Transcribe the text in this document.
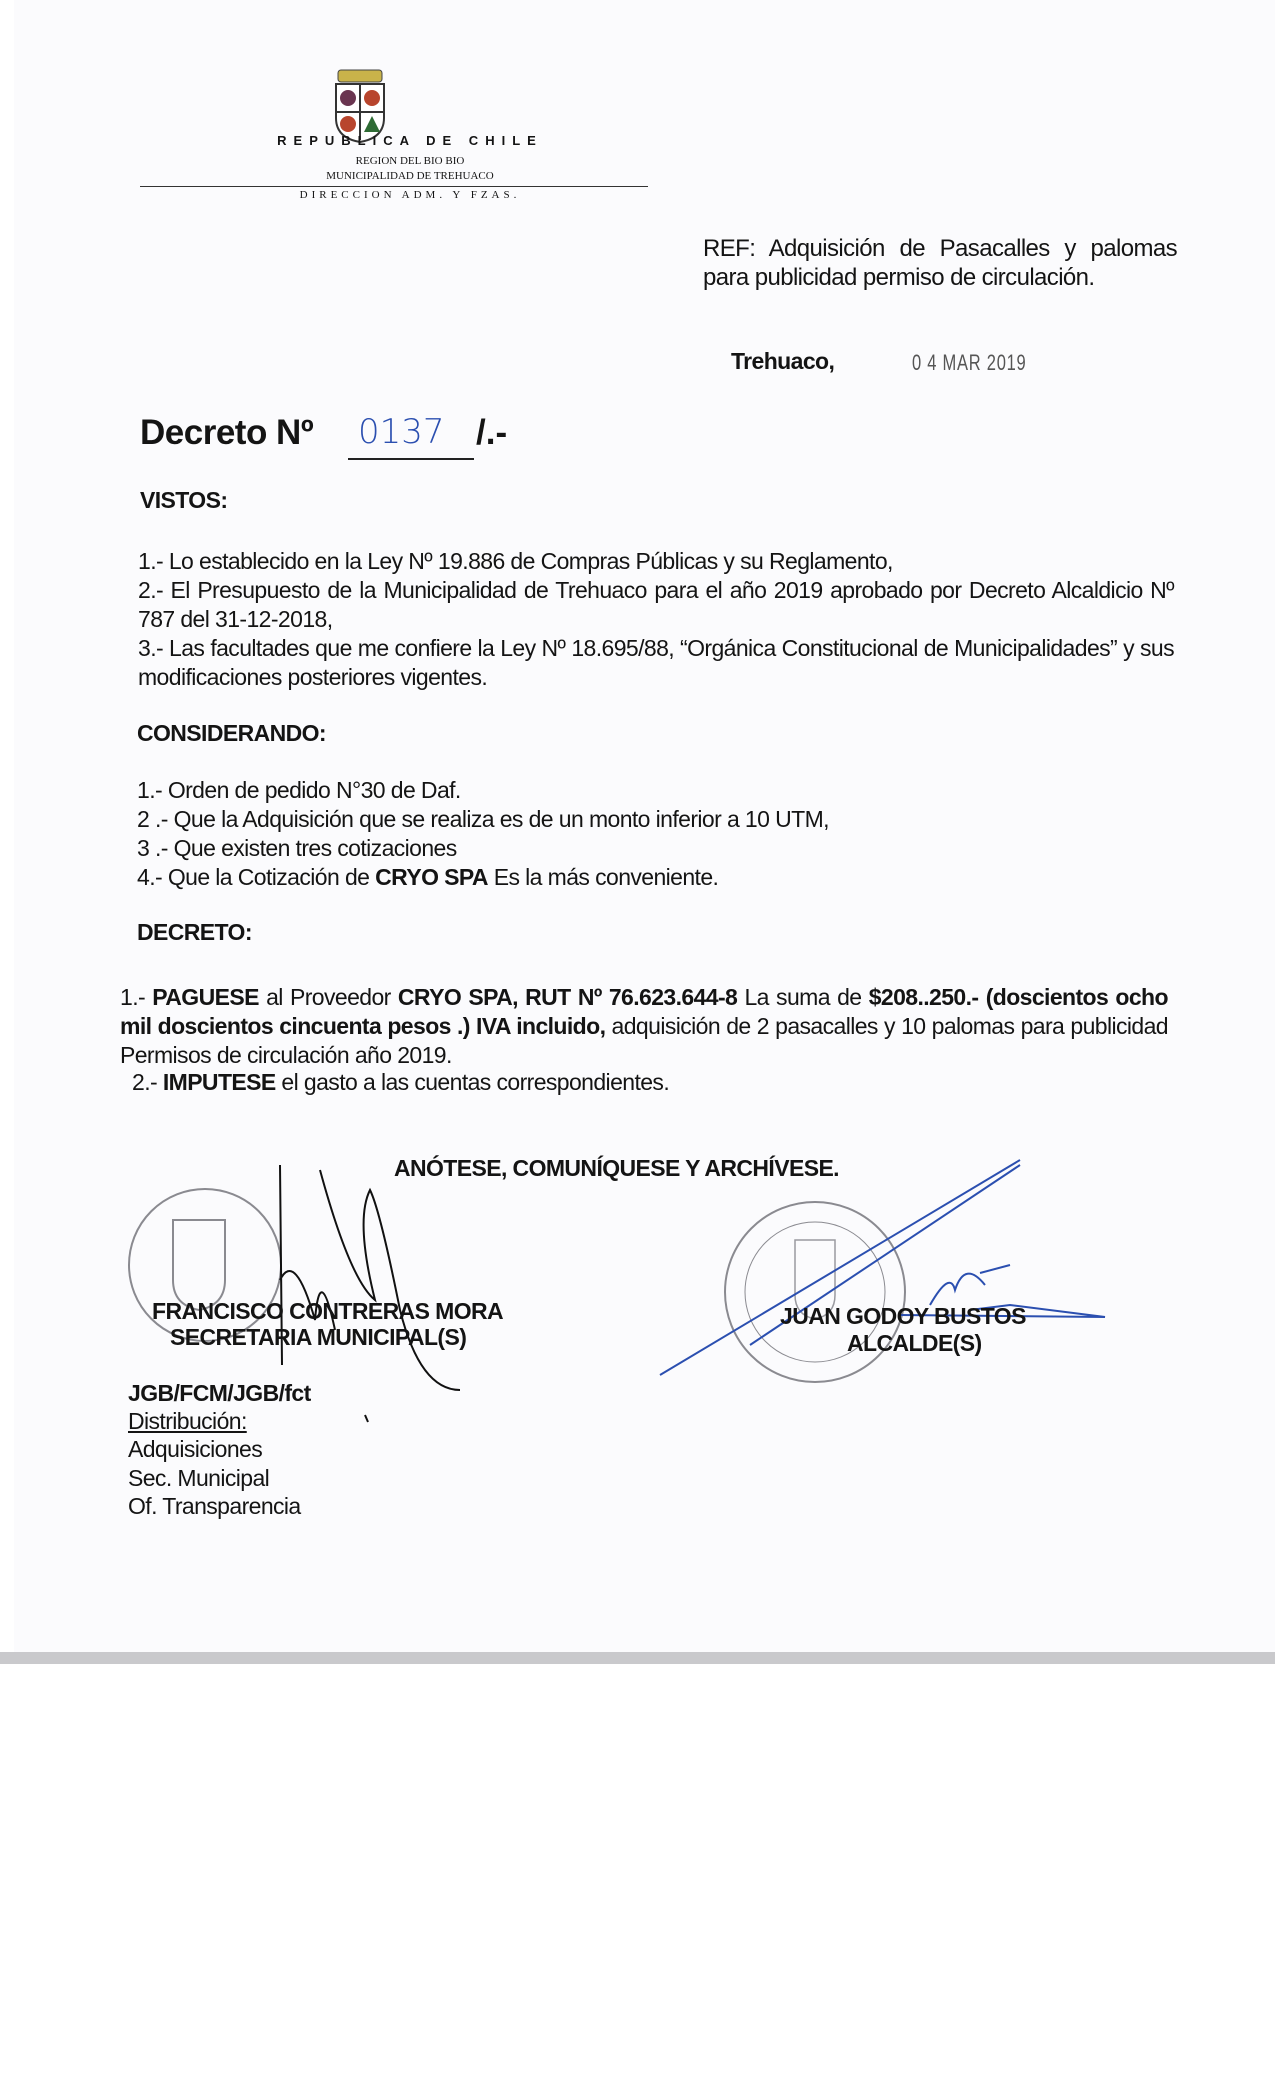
REPUBLICA DE CHILE
REGION DEL BIO BIO
MUNICIPALIDAD DE TREHUACO
DIRECCION ADM. Y FZAS.
REF: Adquisición de Pasacalles y palomas para publicidad permiso de circulación.
Trehuaco,	0 4 MAR 2019
Decreto Nº 0137 /.-
VISTOS:
1.- Lo establecido en la Ley Nº 19.886 de Compras Públicas y su Reglamento,
2.- El Presupuesto de la Municipalidad de Trehuaco para el año 2019 aprobado por Decreto Alcaldicio Nº 787 del 31-12-2018,
3.- Las facultades que me confiere la Ley Nº 18.695/88, “Orgánica Constitucional de Municipalidades” y sus modificaciones posteriores vigentes.
CONSIDERANDO:
1.- Orden de pedido N°30 de Daf.
2 .- Que la Adquisición que se realiza es de un monto inferior a 10 UTM,
3 .- Que existen tres cotizaciones
4.- Que la Cotización de CRYO SPA Es la más conveniente.
DECRETO:
1.- PAGUESE al Proveedor CRYO SPA, RUT Nº 76.623.644-8 La suma de $208..250.- (doscientos ocho mil doscientos cincuenta pesos .) IVA incluido, adquisición de 2 pasacalles y 10 palomas para publicidad Permisos de circulación año 2019.
2.- IMPUTESE el gasto a las cuentas correspondientes.
ANÓTESE, COMUNÍQUESE Y ARCHÍVESE.
FRANCISCO CONTRERAS MORA
SECRETARIA MUNICIPAL(S)
JUAN GODOY BUSTOS
ALCALDE(S)
JGB/FCM/JGB/fct
Distribución:
Adquisiciones
Sec. Municipal
Of. Transparencia
